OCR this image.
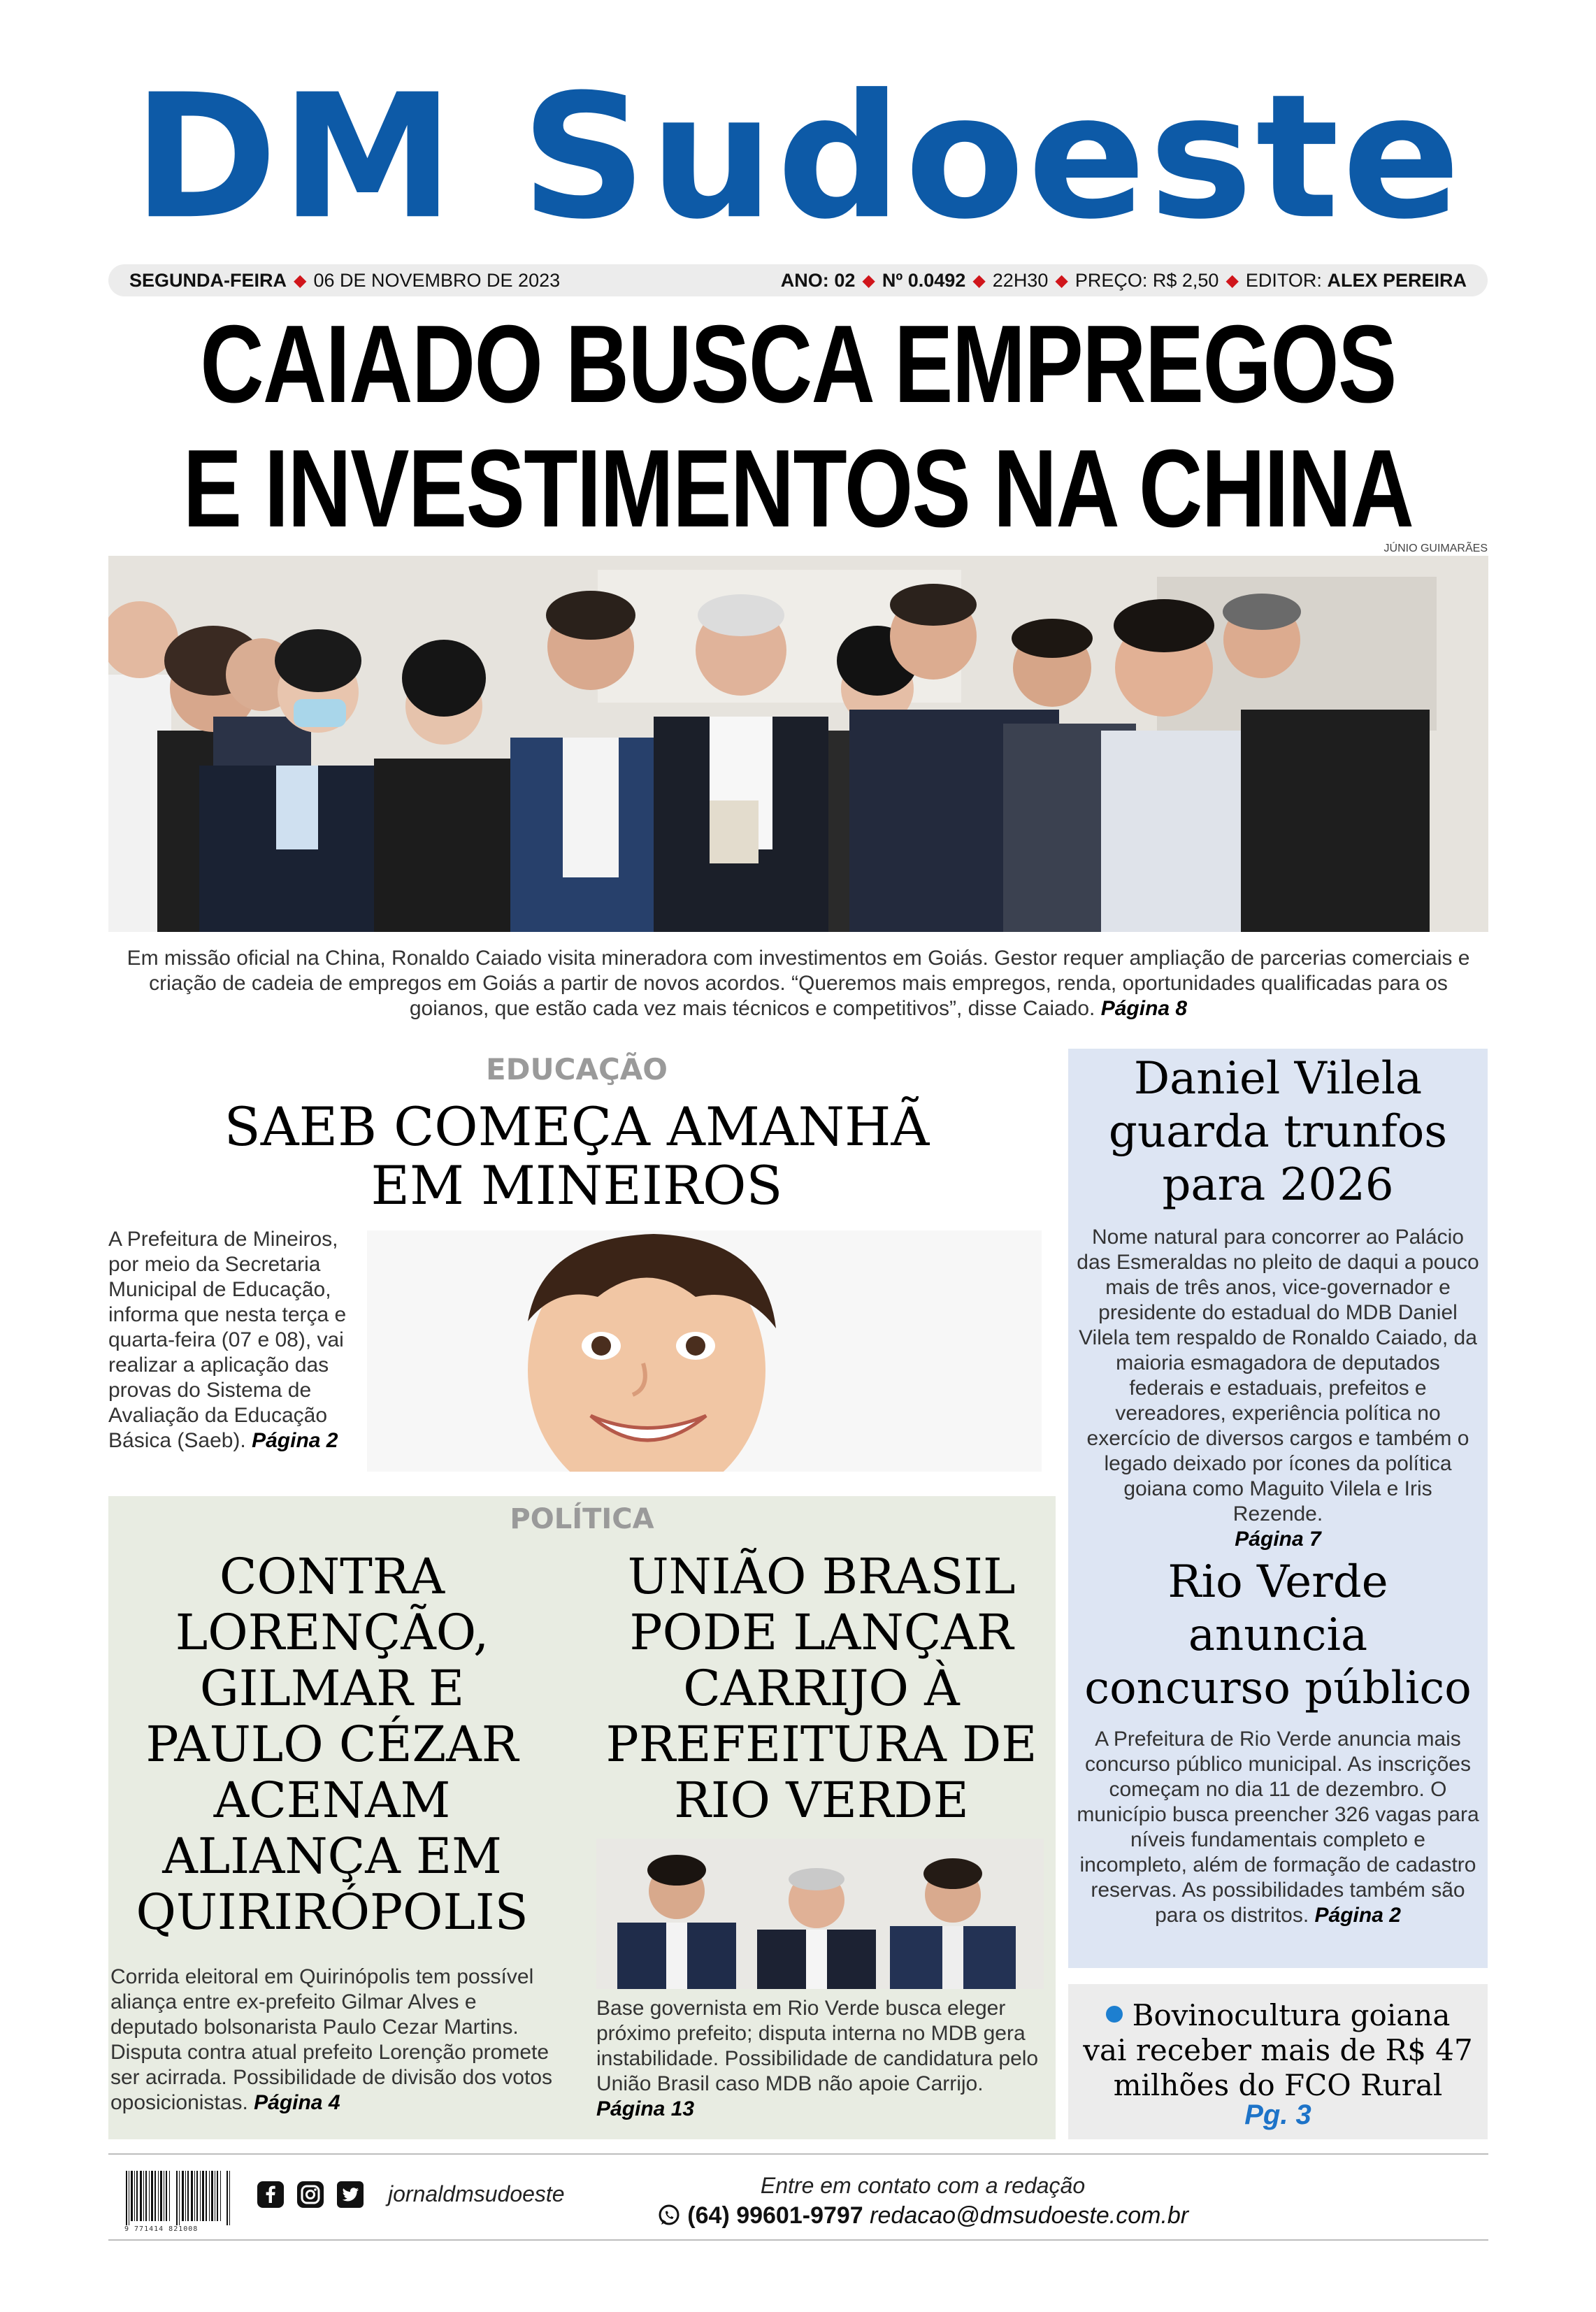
DM Sudoeste
SEGUNDA-FEIRA ◆ 06 DE NOVEMBRO DE 2023	ANO:
02 ◆ Nº
0.0492 ◆ 22H30 ◆ PREÇO:
R$ 2,50 ◆ EDITOR:
ALEX PEREIRA
CAIADO BUSCA EMPREGOS
E INVESTIMENTOS NA CHINA
JÚNIO GUIMARÃES
Em missão oficial na China, Ronaldo Caiado visita mineradora com investimentos em Goiás. Gestor requer ampliação de parcerias comerciais e criação de cadeia de empregos em Goiás a partir de novos acordos. “Queremos mais empregos, renda, oportunidades qualificadas para os goianos, que estão cada vez mais técnicos e competitivos”, disse Caiado. Página 8
EDUCAÇÃO
SAEB COMEÇA AMANHÃ
EM MINEIROS
A Prefeitura de Mineiros, por meio da Secretaria Municipal de Educação, informa que nesta terça e quarta-feira (07 e 08), vai realizar a aplicação das provas do Sistema de Avaliação da Educação Básica (Saeb). Página 2
POLÍTICA
CONTRA
LORENÇÃO,
GILMAR E
PAULO CÉZAR
ACENAM
ALIANÇA EM
QUIRIRÓPOLIS
Corrida eleitoral em Quirinópolis tem possível aliança entre ex-prefeito Gilmar Alves e deputado bolsonarista Paulo Cezar Martins. Disputa contra atual prefeito Lorenção promete ser acirrada. Possibilidade de divisão dos votos oposicionistas. Página 4
UNIÃO BRASIL
PODE LANÇAR
CARRIJO À
PREFEITURA DE
RIO VERDE
Base governista em Rio Verde busca eleger próximo prefeito; disputa interna no MDB gera instabilidade. Possibilidade de candidatura pelo União Brasil caso MDB não apoie Carrijo. Página 13
Daniel Vilela
guarda trunfos
para 2026
Nome natural para concorrer ao Palácio das Esmeraldas no pleito de daqui a pouco mais de três anos, vice-governador e presidente do estadual do MDB Daniel Vilela tem respaldo de Ronaldo Caiado, da maioria esmagadora de deputados federais e estaduais, prefeitos e vereadores, experiência política no exercício de diversos cargos e também o legado deixado por ícones da política goiana como Maguito Vilela e Iris Rezende.
Página 7
Rio Verde
anuncia
concurso público
A Prefeitura de Rio Verde anuncia mais concurso público municipal. As inscrições começam no dia 11 de dezembro. O município busca preencher 326 vagas para níveis fundamentais completo e incompleto, além de formação de cadastro reservas. As possibilidades também são para os distritos. Página 2
Bovinocultura goiana
vai receber mais de R$ 47
milhões do FCO Rural
Pg. 3
9 771414 821008
jornaldmsudoeste	Entre em contato com a redação
(64) 99601-9797 redacao@dmsudoeste.com.br
